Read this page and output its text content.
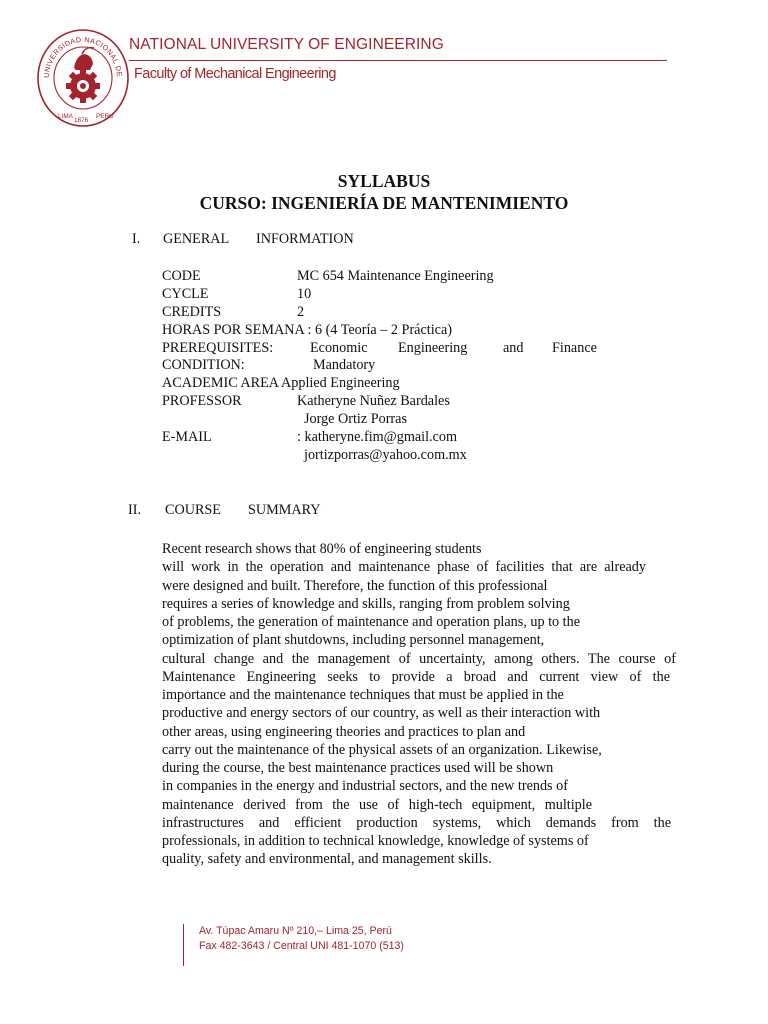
UNIVERSIDAD NACIONAL DE
LIMA
1876
PERU
NATIONAL UNIVERSITY OF ENGINEERING
Faculty of Mechanical Engineering
SYLLABUS
CURSO: INGENIERÍA DE MANTENIMIENTO
I. GENERAL INFORMATION
CODE	MC 654 Maintenance Engineering
CYCLE	10
CREDITS	2
HORAS POR SEMANA : 6 (4 Teoría – 2 Práctica)
PREREQUISITES:	Economic Engineering	and Finance
CONDITION:	Mandatory
ACADEMIC AREA Applied Engineering
PROFESSOR	Katheryne Nuñez Bardales
Jorge Ortiz Porras
E-MAIL	: katheryne.fim@gmail.com
jortizporras@yahoo.com.mx
II. COURSE SUMMARY
Recent research shows that 80% of engineering students
will work in the operation and maintenance phase of facilities that are already
were designed and built. Therefore, the function of this professional
requires a series of knowledge and skills, ranging from problem solving
of problems, the generation of maintenance and operation plans, up to the
optimization of plant shutdowns, including personnel management,
cultural change and the management of uncertainty, among others. The course of
Maintenance Engineering seeks to provide a broad and current view of the
importance and the maintenance techniques that must be applied in the
productive and energy sectors of our country, as well as their interaction with
other areas, using engineering theories and practices to plan and
carry out the maintenance of the physical assets of an organization. Likewise,
during the course, the best maintenance practices used will be shown
in companies in the energy and industrial sectors, and the new trends of
maintenance derived from the use of high-tech equipment, multiple
infrastructures and efficient production systems, which demands from the
professionals, in addition to technical knowledge, knowledge of systems of
quality, safety and environmental, and management skills.
Av. Túpac Amaru Nº 210,– Lima 25, Perú
Fax 482-3643 / Central UNI 481-1070 (513)
